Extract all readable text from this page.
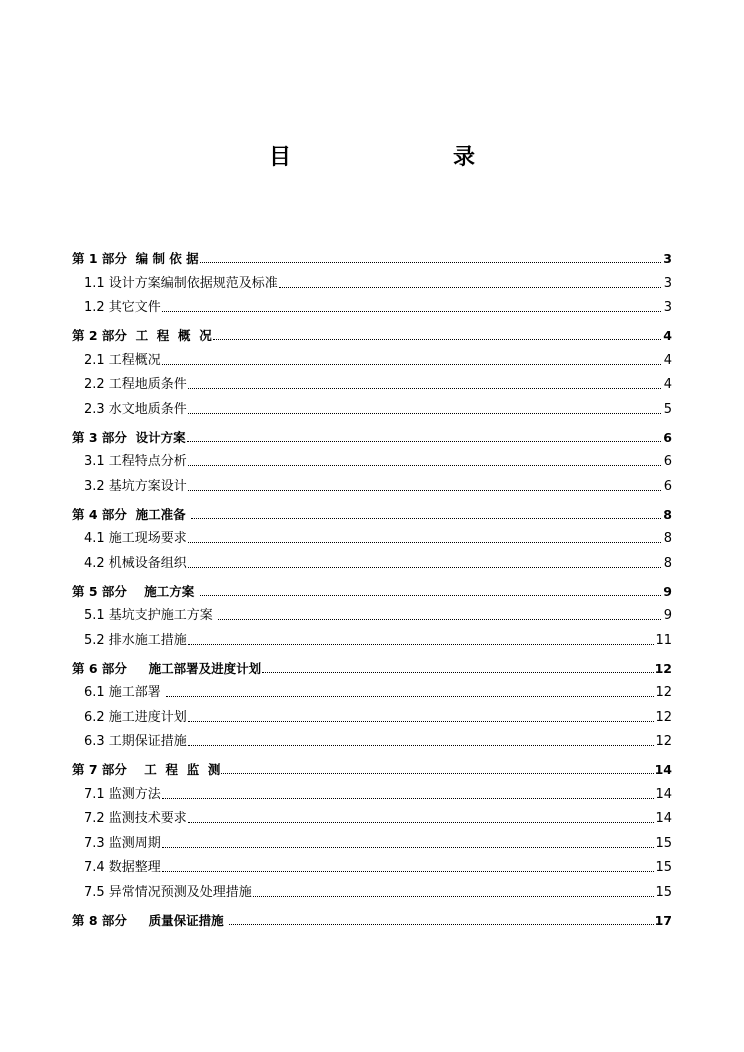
目　录
第 1 部分  编 制 依 据	3
1.1 设计方案编制依据规范及标准	3
1.2 其它文件	3
第 2 部分  工  程  概  况	4
2.1 工程概况	4
2.2 工程地质条件	4
2.3 水文地质条件	5
第 3 部分  设计方案	6
3.1 工程特点分析	6
3.2 基坑方案设计	6
第 4 部分  施工准备	8
4.1 施工现场要求	8
4.2 机械设备组织	8
第 5 部分    施工方案	9
5.1 基坑支护施工方案	9
5.2 排水施工措施	11
第 6 部分     施工部署及进度计划	12
6.1 施工部署	12
6.2 施工进度计划	12
6.3 工期保证措施	12
第 7 部分    工  程  监  测	14
7.1 监测方法	14
7.2 监测技术要求	14
7.3 监测周期	15
7.4 数据整理	15
7.5 异常情况预测及处理措施	15
第 8 部分     质量保证措施	17
